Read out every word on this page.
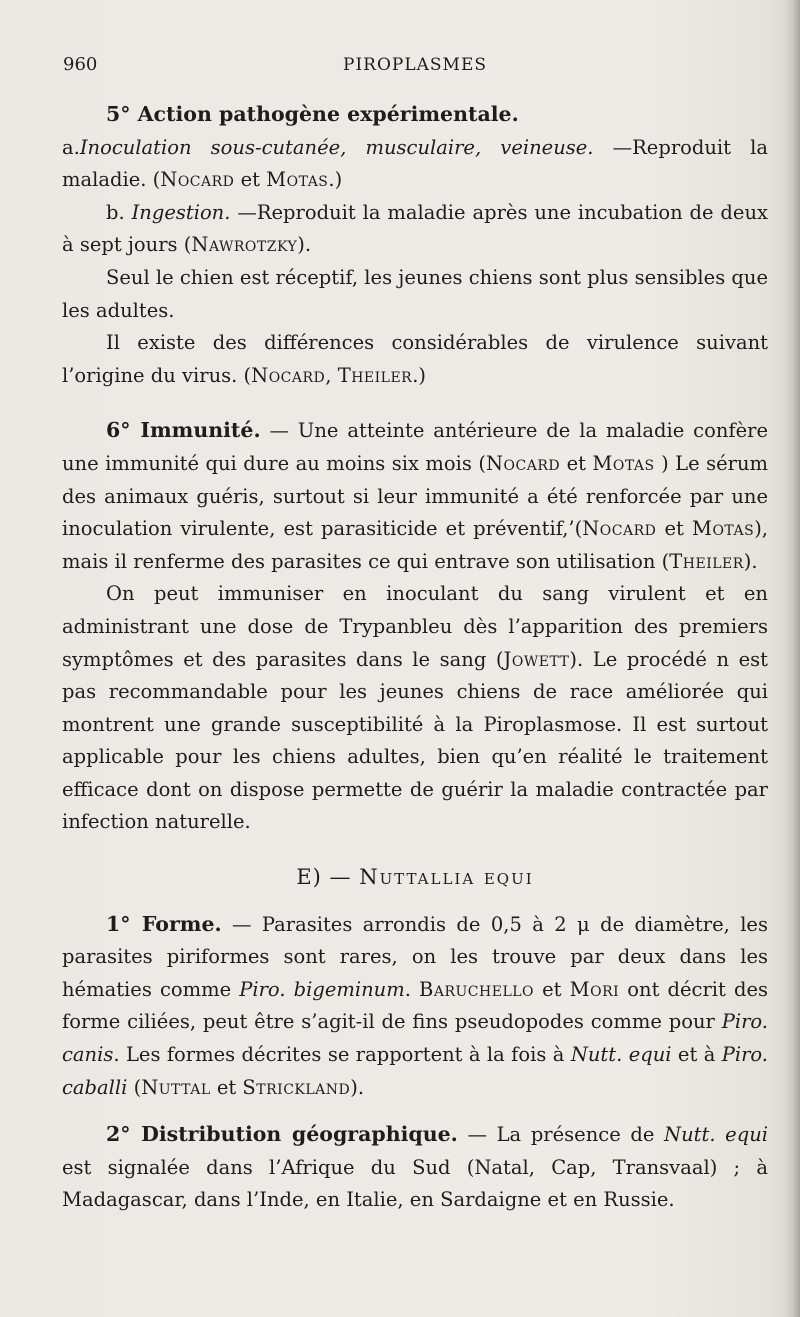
960	PIROPLASMES

5° Action pathogène expérimentale.

a.Inoculation sous-cutanée, musculaire, veineuse. —Reproduit la maladie. (Nocard et Motas.)

b. Ingestion. —Reproduit la maladie après une incubation de deux à sept jours (Nawrotzky).

Seul le chien est réceptif, les jeunes chiens sont plus sensibles que les adultes.

Il existe des différences considérables de virulence suivant l’origine du virus. (Nocard, Theiler.)

6° Immunité. — Une atteinte antérieure de la maladie confère une immunité qui dure au moins six mois (Nocard et Motas ) Le sérum des animaux guéris, surtout si leur immunité a été renforcée par une inoculation virulente, est parasiticide et préventif,’(Nocard et Motas), mais il renferme des parasites ce qui entrave son utilisation (Theiler).

On peut immuniser en inoculant du sang virulent et en administrant une dose de Trypanbleu dès l’apparition des premiers symptômes et des parasites dans le sang (Jowett). Le procédé n est pas recommandable pour les jeunes chiens de race améliorée qui montrent une grande susceptibilité à la Piroplasmose. Il est surtout applicable pour les chiens adultes, bien qu’en réalité le traitement efficace dont on dispose permette de guérir la maladie contractée par infection naturelle.

E) — Nuttallia equi

1° Forme. — Parasites arrondis de 0,5 à 2 μ de diamètre, les parasites piriformes sont rares, on les trouve par deux dans les hématies comme Piro. bigeminum. Baruchello et Mori ont décrit des forme ciliées, peut être s’agit-il de fins pseudopodes comme pour Piro. canis. Les formes décrites se rapportent à la fois à Nutt. equi et à Piro. caballi (Nuttal et Strickland).

2° Distribution géographique. — La présence de Nutt. equi est signalée dans l’Afrique du Sud (Natal, Cap, Transvaal) ; à Madagascar, dans l’Inde, en Italie, en Sardaigne et en Russie.
